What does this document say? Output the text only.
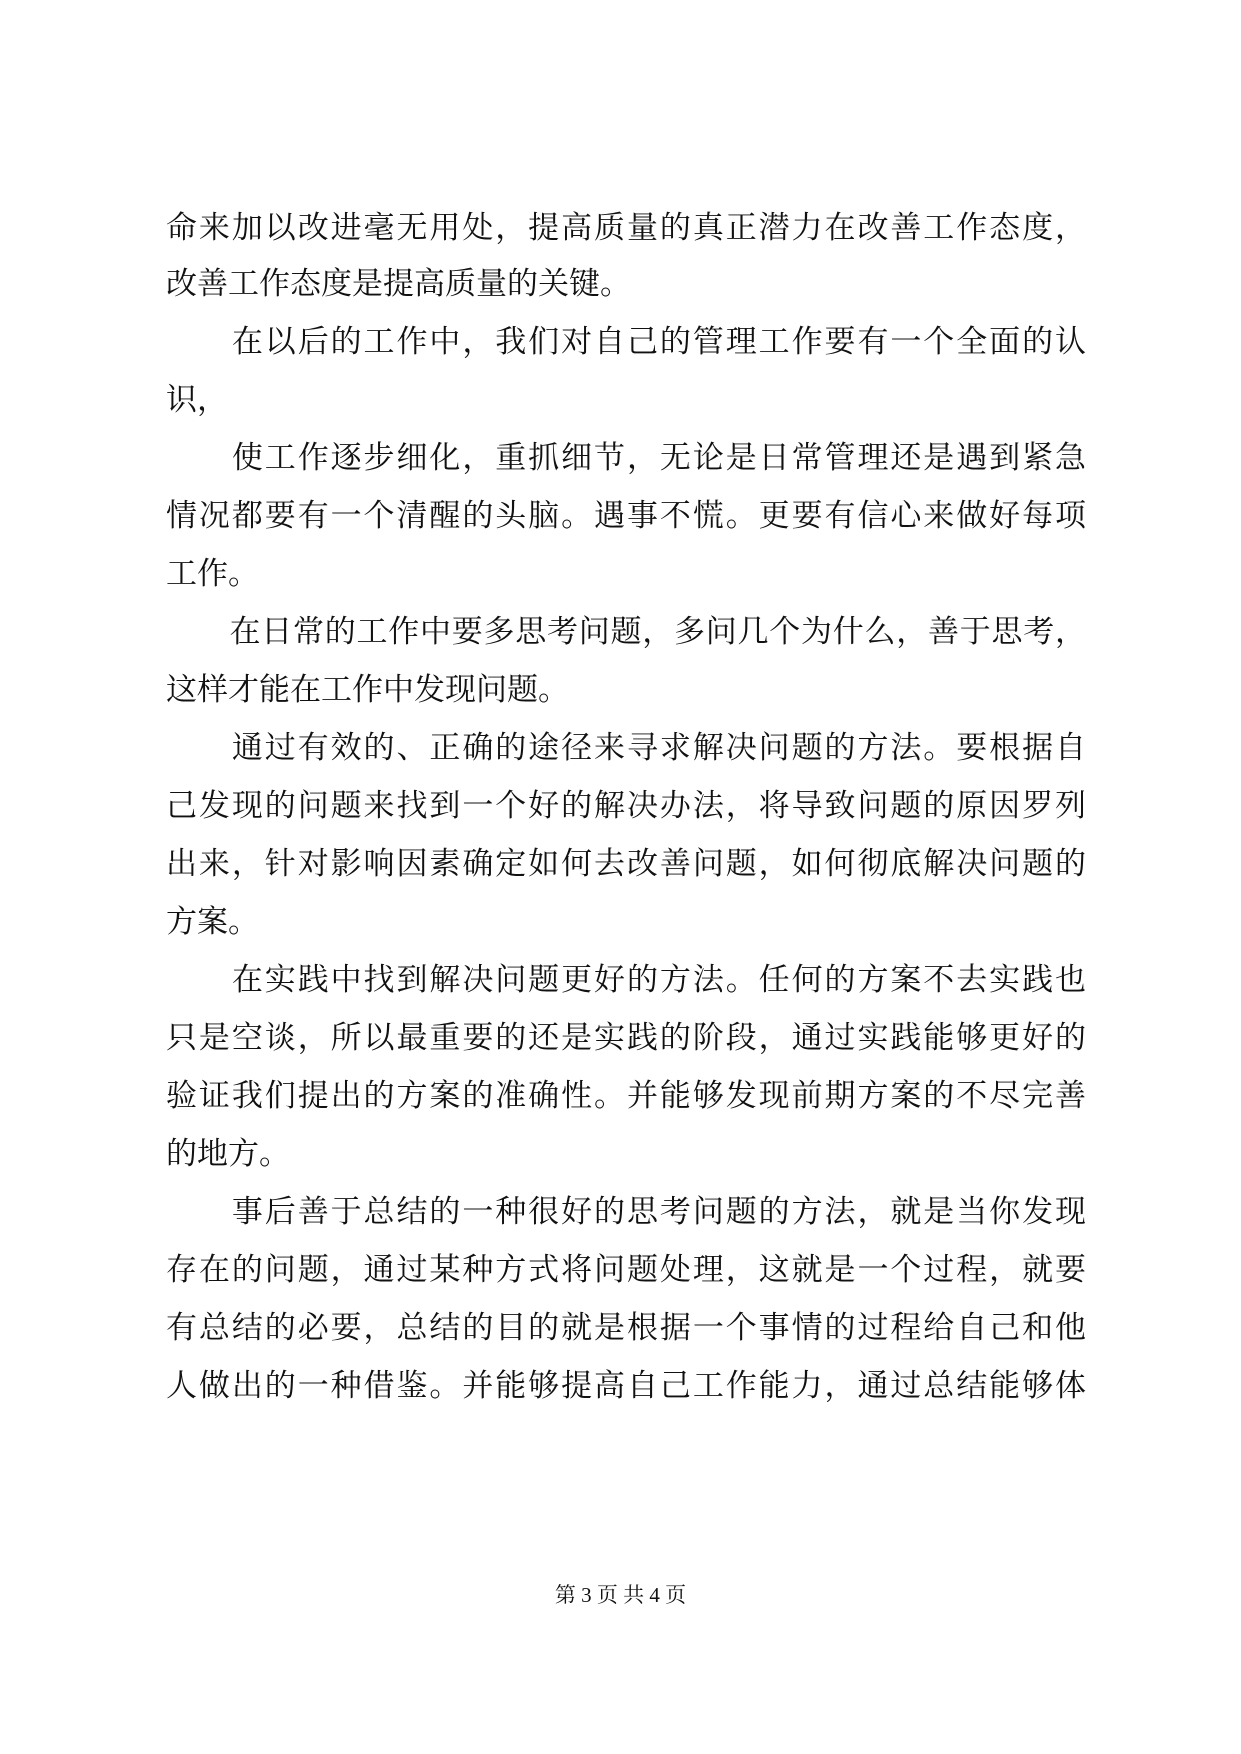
命来加以改进毫无用处，提高质量的真正潜力在改善工作态度，
改善工作态度是提高质量的关键。
　　在以后的工作中，我们对自己的管理工作要有一个全面的认
识，
　　使工作逐步细化，重抓细节，无论是日常管理还是遇到紧急
情况都要有一个清醒的头脑。遇事不慌。更要有信心来做好每项
工作。
　　在日常的工作中要多思考问题，多问几个为什么，善于思考，
这样才能在工作中发现问题。
　　通过有效的、正确的途径来寻求解决问题的方法。要根据自
己发现的问题来找到一个好的解决办法，将导致问题的原因罗列
出来，针对影响因素确定如何去改善问题，如何彻底解决问题的
方案。
　　在实践中找到解决问题更好的方法。任何的方案不去实践也
只是空谈，所以最重要的还是实践的阶段，通过实践能够更好的
验证我们提出的方案的准确性。并能够发现前期方案的不尽完善
的地方。
　　事后善于总结的一种很好的思考问题的方法，就是当你发现
存在的问题，通过某种方式将问题处理，这就是一个过程，就要
有总结的必要，总结的目的就是根据一个事情的过程给自己和他
人做出的一种借鉴。并能够提高自己工作能力，通过总结能够体
第 3 页 共 4 页
